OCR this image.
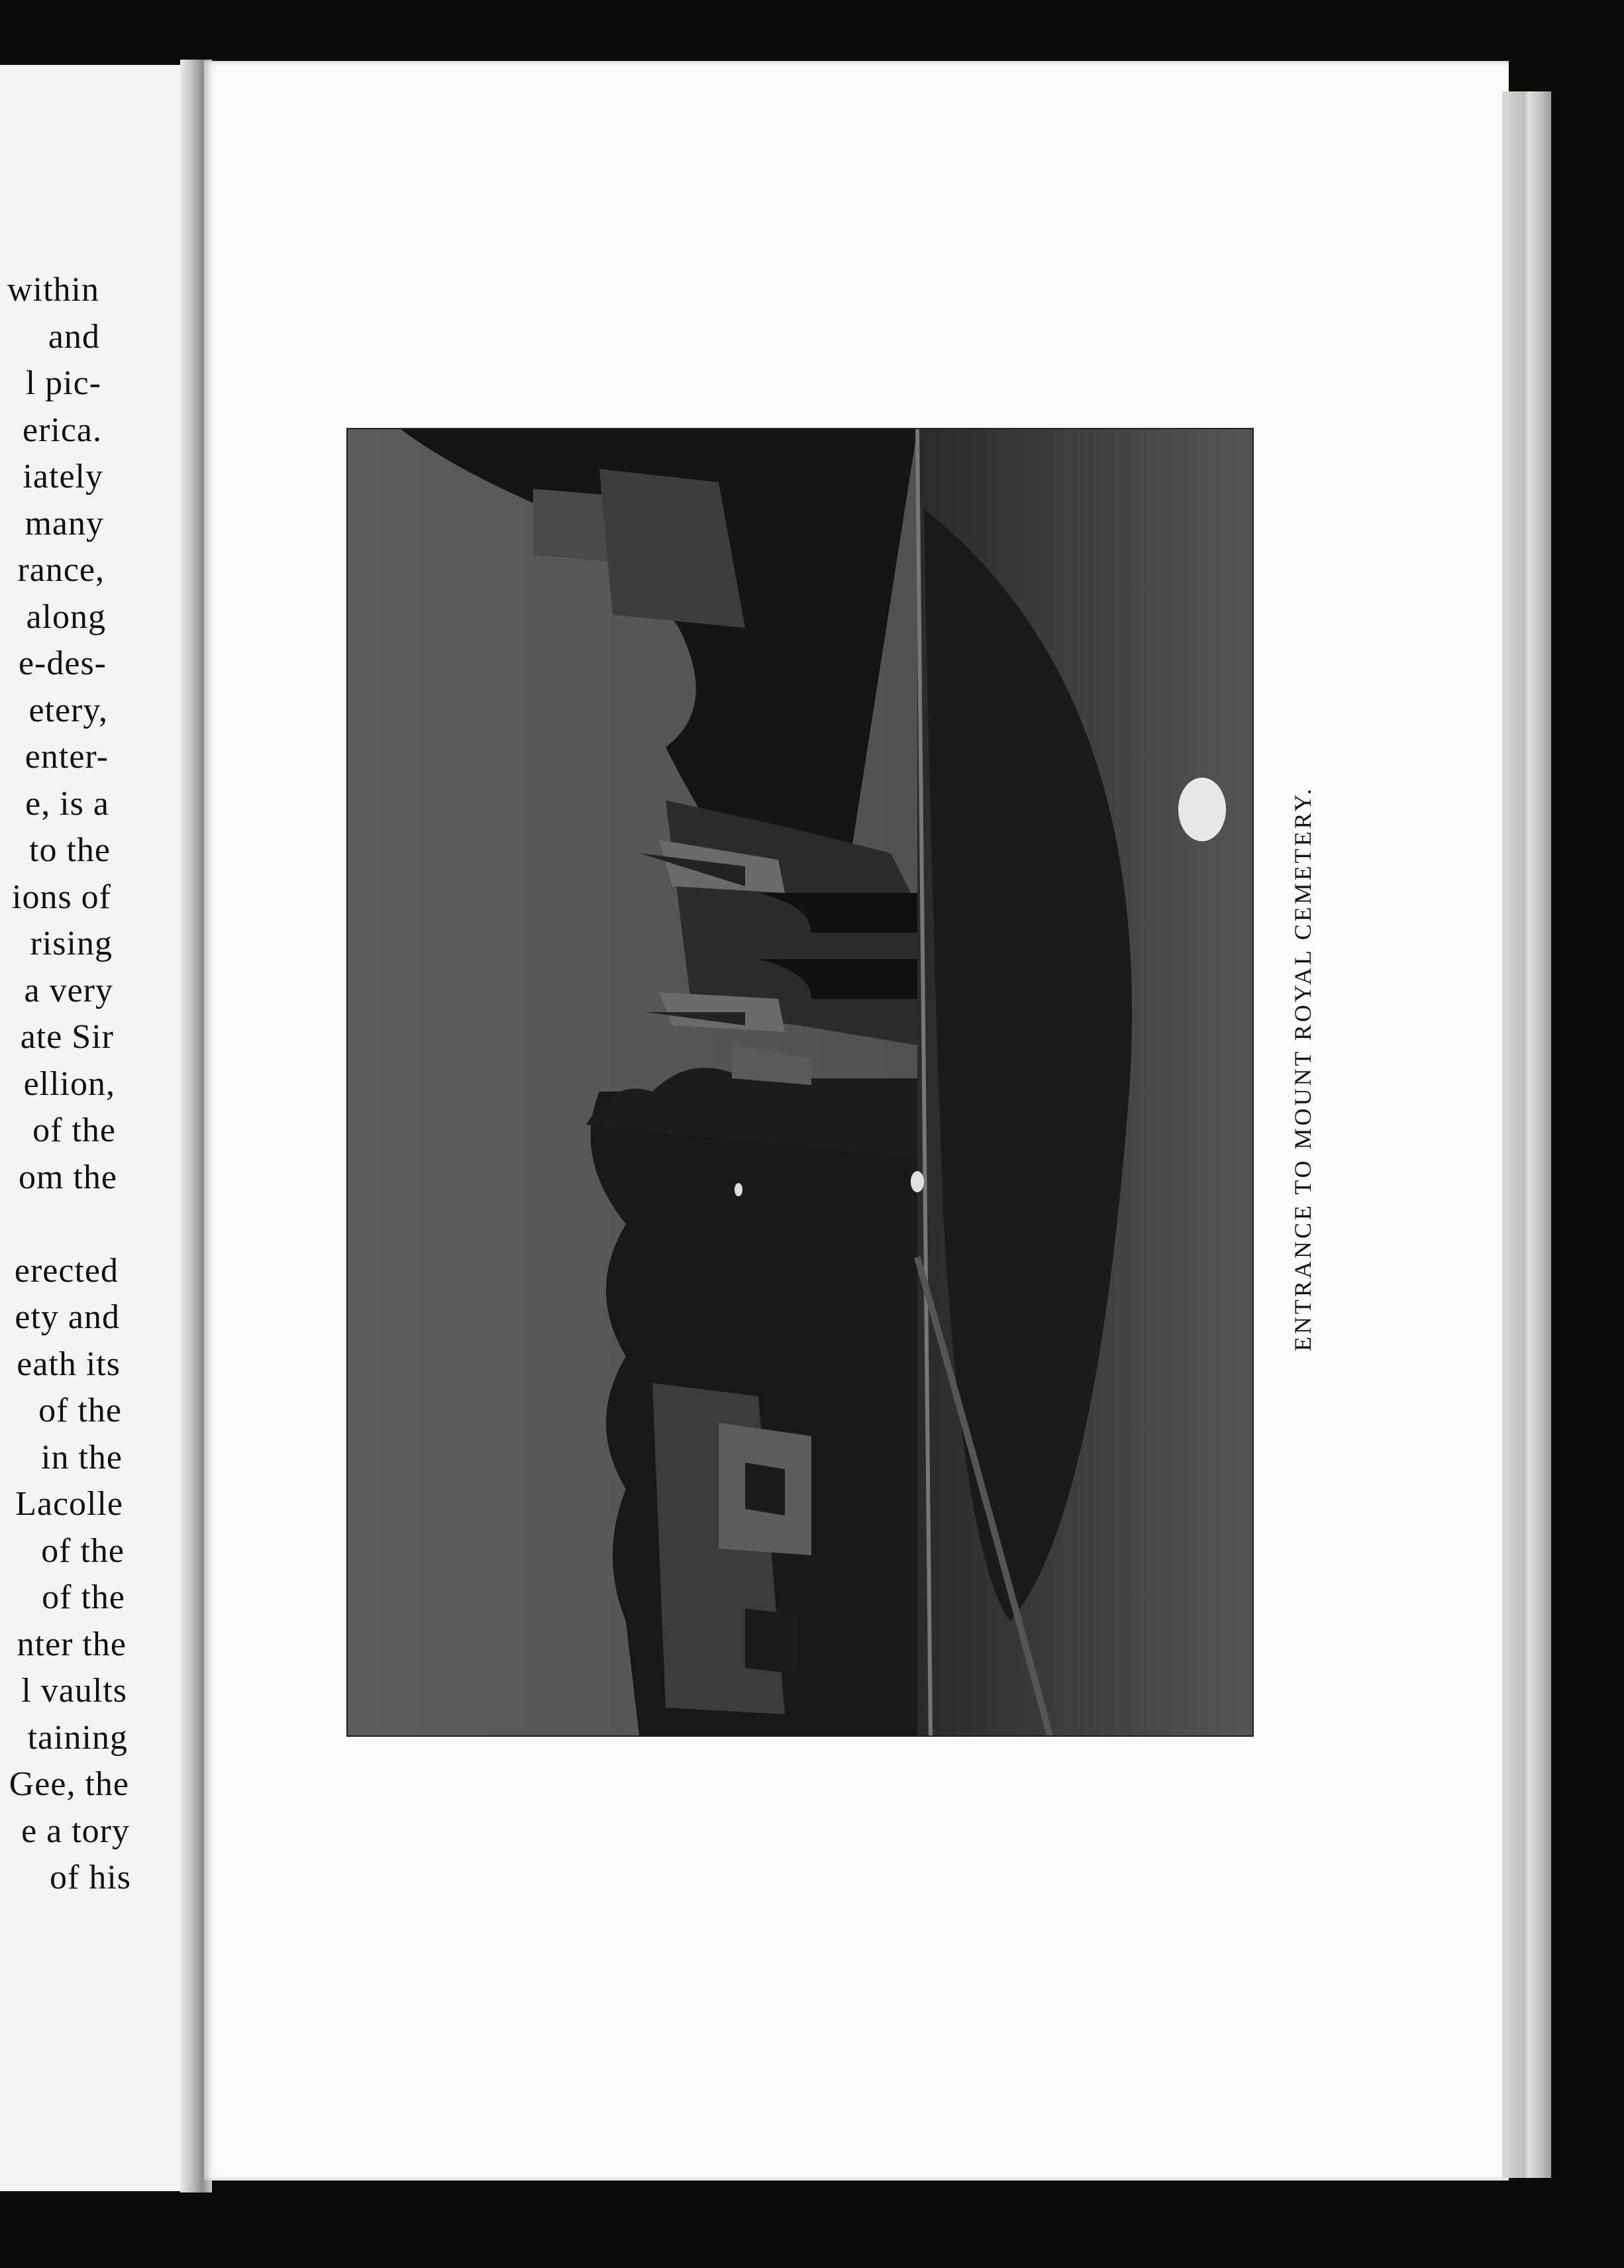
within
and
l pic-
erica.
iately
many
rance,
along
e-des-
etery,
enter-
e, is a
to the
ions of
rising
a very
ate Sir
ellion,
of the
om the
erected
ety and
eath its
of the
in the
Lacolle
of the
of the
nter the
l vaults
taining
Gee, the
e a tory
of his
ENTRANCE TO MOUNT ROYAL CEMETERY.
